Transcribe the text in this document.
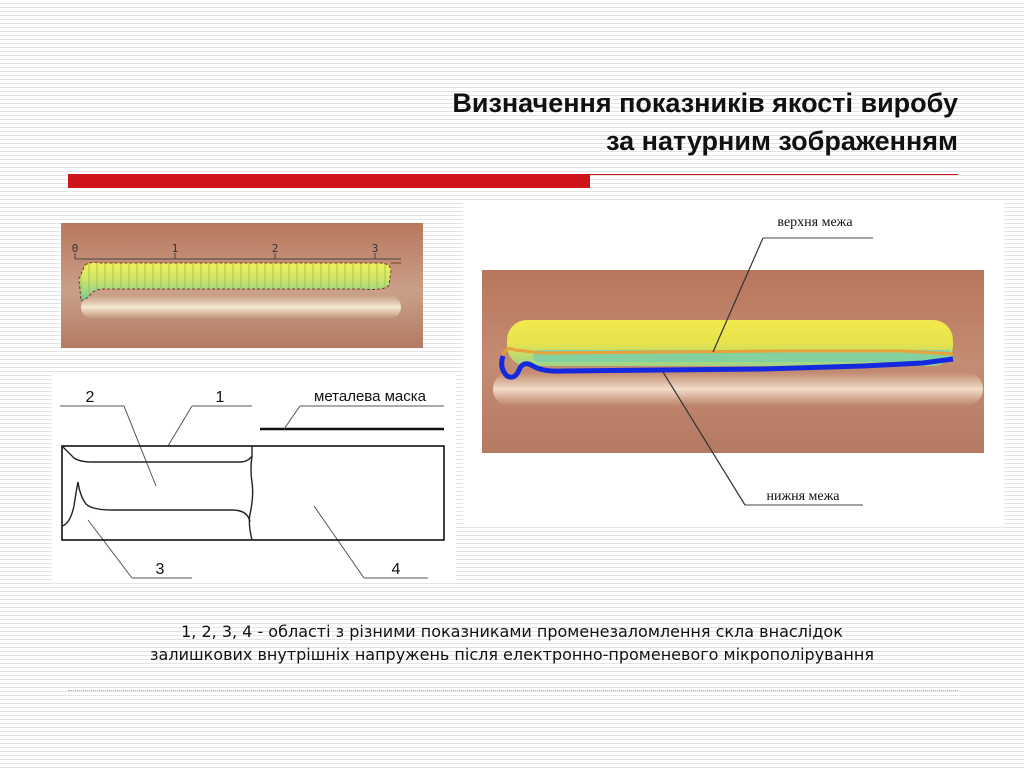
Визначення показників якості виробу
за натурним зображенням
0	1	2	3
2	1
3	4
металева маска
верхня межа
нижня межа
1, 2, 3, 4 - області з різними показниками променезаломлення скла внаслідок
залишкових внутрішніх напружень після електронно-променевого мікрополірування
